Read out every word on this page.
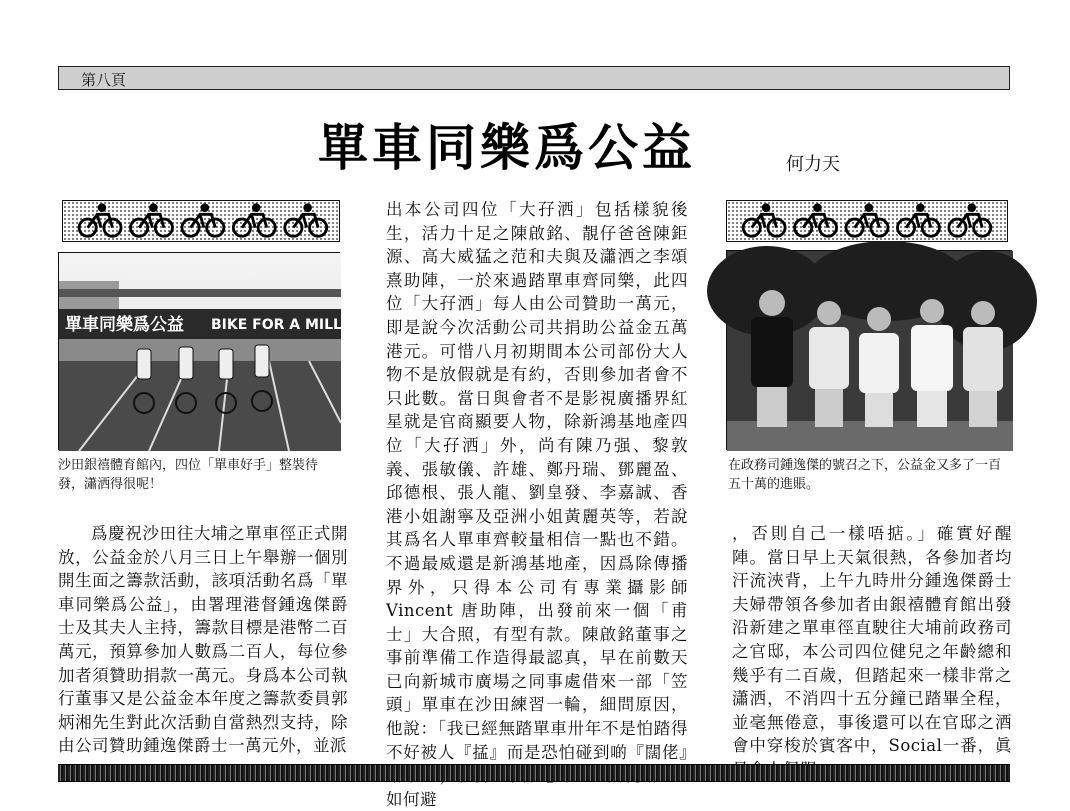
第八頁
單車同樂爲公益	何力天
單車同樂爲公益 BIKE FOR A MILLION
沙田銀禧體育館內，四位「單車好手」整裝待發，瀟洒得很呢！

爲慶祝沙田往大埔之單車徑正式開放，公益金於八月三日上午舉辦一個別開生面之籌款活動，該項活動名爲「單車同樂爲公益」，由署理港督鍾逸傑爵士及其夫人主持，籌款目標是港幣二百萬元，預算參加人數爲二百人，每位參加者須贊助捐款一萬元。身爲本公司執行董事又是公益金本年度之籌款委員郭炳湘先生對此次活動自當熱烈支持，除由公司贊助鍾逸傑爵士一萬元外，並派

出本公司四位「大孖洒」包括樣貌後生，活力十足之陳啟銘、靚仔爸爸陳鉅源、高大威猛之范和夫與及瀟洒之李頌熹助陣，一於來過踏單車齊同樂，此四位「大孖洒」每人由公司贊助一萬元，即是說今次活動公司共捐助公益金五萬港元。可惜八月初期間本公司部份大人物不是放假就是有約，否則參加者會不只此數。當日與會者不是影視廣播界紅星就是官商顯要人物，除新鴻基地產四位「大孖洒」外，尚有陳乃强、黎敦義、張敏儀、許雄、鄭丹瑞、鄧麗盈、邱德根、張人龍、劉皇發、李嘉誠、香港小姐謝寧及亞洲小姐黃麗英等，若說其爲名人單車齊較量相信一點也不錯。不過最威還是新鴻基地產，因爲除傳播界外，只得本公司有專業攝影師 Vincent 唐助陣，出發前來一個「甫士」大合照，有型有款。陳啟銘董事之事前準備工作造得最認真，早在前數天已向新城市廣場之同事處借來一部「笠頭」單車在沙田練習一輪，細問原因，他說：「我已經無踏單車卅年不是怕踏得不好被人『掹』而是恐怕碰到啲『闊佬』 如何避

在政務司鍾逸傑的號召之下，公益金又多了一百五十萬的進賬。

，否則自己一樣唔掂。」確實好醒陣。當日早上天氣很熱，各參加者均汗流浹背，上午九時卅分鍾逸傑爵士夫婦帶領各參加者由銀禧體育館出發沿新建之單車徑直駛往大埔前政務司之官邸，本公司四位健兒之年齡總和幾乎有二百歲，但踏起來一樣非常之瀟洒，不消四十五分鐘已踏畢全程，並毫無倦意，事後還可以在官邸之酒會中穿梭於賓客中，Social一番，眞
